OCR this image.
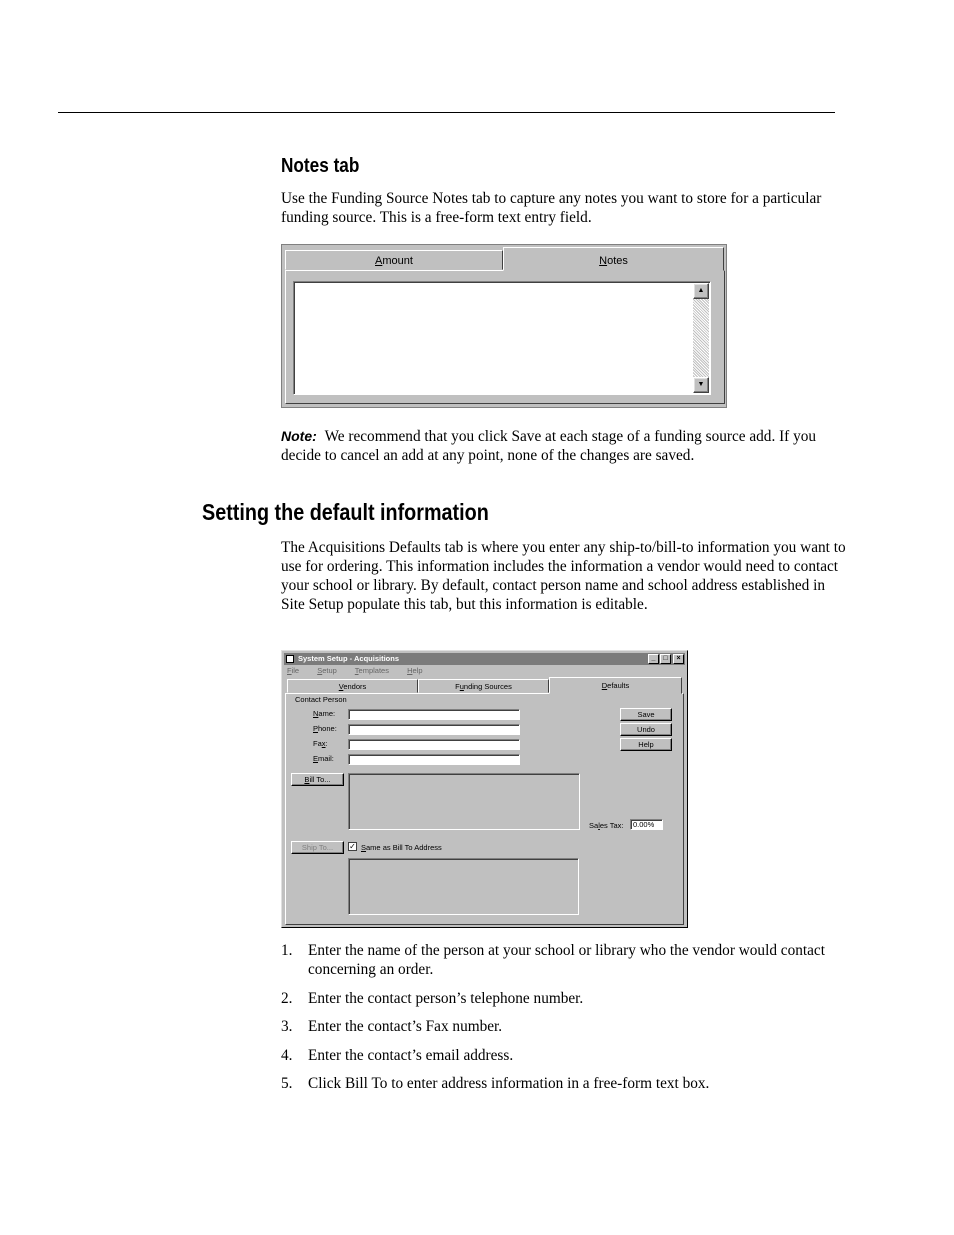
Notes tab
Use the Funding Source Notes tab to capture any notes you want to store for a particular funding source. This is a free-form text entry field.
Amount	Notes
▲
▼
Note: We recommend that you click Save at each stage of a funding source add. If you decide to cancel an add at any point, none of the changes are saved.
Setting the default information
The Acquisitions Defaults tab is where you enter any ship-to/bill-to information you want to use for ordering. This information includes the information a vendor would need to contact your school or library. By default, contact person name and school address established in Site Setup populate this tab, but this information is editable.
System Setup - Acquisitions	_	□	×
File Setup Templates Help
Vendors	Funding Sources	Defaults
Contact Person
Name:
Phone:
Fax:
Email:
Save
Undo
Help
Bill To...
Sales Tax:	0.00%
Ship To...	✓ Same as Bill To Address
1. Enter the name of the person at your school or library who the vendor would contact concerning an order.
2. Enter the contact person’s telephone number.
3. Enter the contact’s Fax number.
4. Enter the contact’s email address.
5. Click Bill To to enter address information in a free-form text box.
